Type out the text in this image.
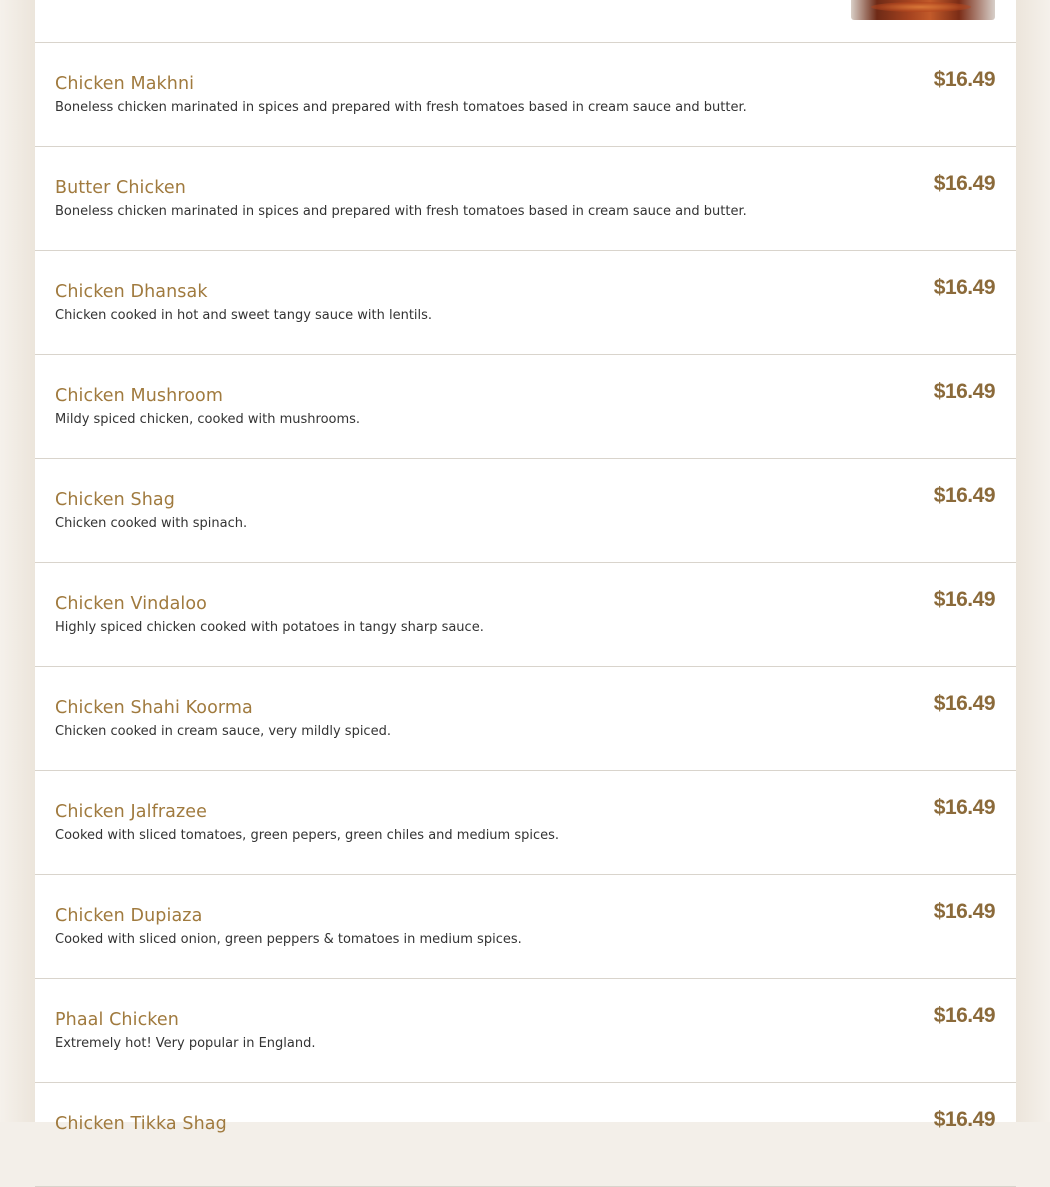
Chicken Makhni
Boneless chicken marinated in spices and prepared with fresh tomatoes based in cream sauce and butter.
$16.49
Butter Chicken
Boneless chicken marinated in spices and prepared with fresh tomatoes based in cream sauce and butter.
$16.49
Chicken Dhansak
Chicken cooked in hot and sweet tangy sauce with lentils.
$16.49
Chicken Mushroom
Mildy spiced chicken, cooked with mushrooms.
$16.49
Chicken Shag
Chicken cooked with spinach.
$16.49
Chicken Vindaloo
Highly spiced chicken cooked with potatoes in tangy sharp sauce.
$16.49
Chicken Shahi Koorma
Chicken cooked in cream sauce, very mildly spiced.
$16.49
Chicken Jalfrazee
Cooked with sliced tomatoes, green pepers, green chiles and medium spices.
$16.49
Chicken Dupiaza
Cooked with sliced onion, green peppers & tomatoes in medium spices.
$16.49
Phaal Chicken
Extremely hot! Very popular in England.
$16.49
Chicken Tikka Shag	$16.49
